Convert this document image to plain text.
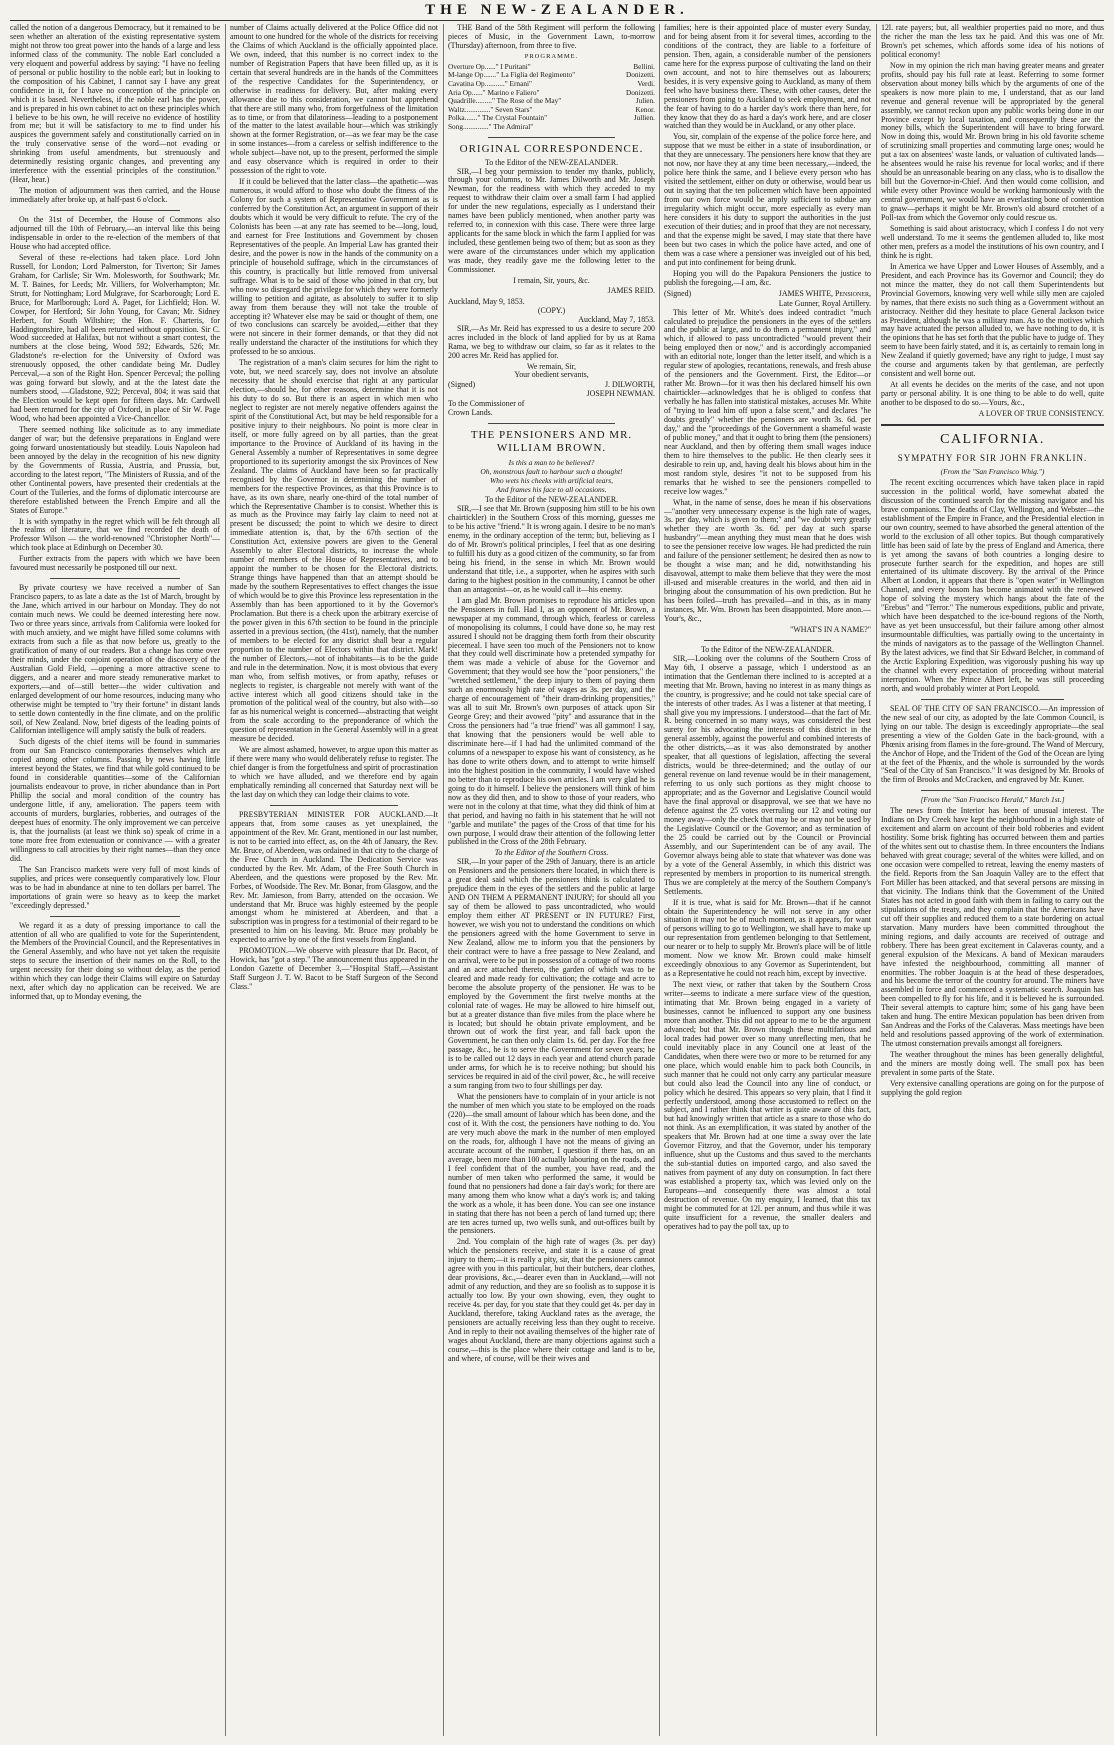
THE NEW-ZEALANDER.

called the notion of a dangerous Democracy, but it remained to be seen whether an alteration of the existing representative system might not throw too great power into the hands of a large and less informed class of the community. The noble Earl concluded a very eloquent and powerful address by saying: "I have no feeling of personal or public hostility to the noble earl; but in looking to the composition of his Cabinet, I cannot say I have any great confidence in it, for I have no conception of the principle on which it is based. Nevertheless, if the noble earl has the power, and is prepared in his own cabinet to act on these principles which I believe to be his own, he will receive no evidence of hostility from me; but it will be satisfactory to me to find under his auspices the government safely and constitutionally carried on in the truly conservative sense of the word—not evading or shrinking from useful amendments, but strenuously and determinedly resisting organic changes, and preventing any interference with the essential principles of the constitution." (Hear, hear.)

The motion of adjournment was then carried, and the House immediately after broke up, at half-past 6 o'clock.

On the 31st of December, the House of Commons also adjourned till the 10th of February,—an interval like this being indispensable in order to the re-election of the members of that House who had accepted office.

Several of these re-elections had taken place. Lord John Russell, for London; Lord Palmerston, for Tiverton; Sir James Graham, for Carlisle; Sir Wm. Molesworth, for Southwark; Mr. M. T. Baines, for Leeds; Mr. Villiers, for Wolverhampton; Mr. Strutt, for Nottingham; Lord Mulgrave, for Scarborough; Lord E. Bruce, for Marlborough; Lord A. Paget, for Lichfield; Hon. W. Cowper, for Hertford; Sir John Young, for Cavan; Mr. Sidney Herbert, for South Wiltshire; the Hon. F. Charteris, for Haddingtonshire, had all been returned without opposition. Sir C. Wood succeeded at Halifax, but not without a smart contest, the numbers at the close being, Wood 592; Edwards, 526; Mr. Gladstone's re-election for the University of Oxford was strenuously opposed, the other candidate being Mr. Dudley Perceval,—a son of the Right Hon. Spencer Perceval; the polling was going forward but slowly, and at the the latest date the numbers stood, —Gladstone, 922; Perceval, 804; it was said that the Election would be kept open for fifteen days. Mr. Cardwell had been returned for the city of Oxford, in place of Sir W. Page Wood, who had been appointed a Vice-Chancellor.

There seemed nothing like solicitude as to any immediate danger of war; but the defensive preparations in England were going forward unostentatiously but steadily. Louis Napoleon had been annoyed by the delay in the recognition of his new dignity by the Governments of Russia, Austria, and Prussia, but, according to the latest report, "The Ministers of Russia, and of the other Continental powers, have presented their credentials at the Court of the Tuileries, and the forms of diplomatic intercourse are therefore established between the French Empire and all the States of Europe."

It is with sympathy in the regret which will be felt through all the realms of literature, that we find recorded the death of Professor Wilson — the world-renowned "Christopher North"—which took place at Edinburgh on December 30.

Further extracts from the papers with which we have been favoured must necessarily be postponed till our next.

By private courtesy we have received a number of San Francisco papers, to as late a date as the 1st of March, brought by the Jane, which arrived in our harbour on Monday. They do not contain much news. We could be deemed interesting here now. Two or three years since, arrivals from California were looked for with much anxiety, and we might have filled some columns with extracts from such a file as that now before us, greatly to the gratification of many of our readers. But a change has come over their minds, under the conjoint operation of the discovery of the Australian Gold Field, —opening a more attractive scene to diggers, and a nearer and more steady remunerative market to exporters,—and of—still better—the wider cultivation and enlarged development of our home resources, inducing many who otherwise might be tempted to "try their fortune" in distant lands to settle down contentedly in the fine climate, and on the prolific soil, of New Zealand. Now, brief digests of the leading points of Californian intelligence will amply satisfy the bulk of readers.

Such digests of the chief items will be found in summaries from our San Francisco contemporaries themselves which are copied among other columns. Passing by news having little interest beyond the States, we find that while gold continued to be found in considerable quantities—some of the Californian journalists endeavour to prove, in richer abundance than in Port Phillip the social and moral condition of the country has undergone little, if any, amelioration. The papers teem with accounts of murders, burglaries, robberies, and outrages of the deepest hues of enormity. The only improvement we can perceive is, that the journalists (at least we think so) speak of crime in a tone more free from extenuation or connivance — with a greater willingness to call atrocities by their right names—than they once did.

The San Francisco markets were very full of most kinds of supplies, and prices were consequently comparatively low. Flour was to be had in abundance at nine to ten dollars per barrel. The importations of grain were so heavy as to keep the market "exceedingly depressed."

We regard it as a duty of pressing importance to call the attention of all who are qualified to vote for the Superintendent, the Members of the Provincial Council, and the Representatives in the General Assembly, and who have not yet taken the requisite steps to secure the insertion of their names on the Roll, to the urgent necessity for their doing so without delay, as the period within which they can lodge their Claims will expire on Saturday next, after which day no application can be received. We are informed that, up to Monday evening, the

number of Claims actually delivered at the Police Office did not amount to one hundred for the whole of the districts for receiving the Claims of which Auckland is the officially appointed place. We own, indeed, that this number is no correct index to the number of Registration Papers that have been filled up, as it is certain that several hundreds are in the hands of the Committees of the respective Candidates for the Superintendency, or otherwise in readiness for delivery. But, after making every allowance due to this consideration, we cannot but apprehend that there are still many who, from forgetfulness of the limitation as to time, or from that dilatoriness—leading to a postponement of the matter to the latest available hour—which was strikingly shown at the former Registration, or—as we fear may be the case in some instances—from a careless or selfish indifference to the whole subject—have not, up to the present, performed the simple and easy observance which is required in order to their possession of the right to vote.

If it could be believed that the latter class—the apathetic—was numerous, it would afford to those who doubt the fitness of the Colony for such a system of Representative Government as is conferred by the Constitution Act, an argument in support of their doubts which it would be very difficult to refute. The cry of the Colonists has been —at any rate has seemed to be—long, loud, and earnest for Free Institutions and Government by chosen Representatives of the people. An Imperial Law has granted their desire, and the power is now in the hands of the community on a principle of household suffrage, which in the circumstances of this country, is practically but little removed from universal suffrage. What is to be said of those who joined in that cry, but who now so disregard the privilege for which they were formerly willing to petition and agitate, as absolutely to suffer it to slip away from them because they will not take the trouble of accepting it? Whatever else may be said or thought of them, one of two conclusions can scarcely be avoided,—either that they were not sincere in their former demands, or that they did not really understand the character of the institutions for which they professed to be so anxious.

The registration of a man's claim secures for him the right to vote, but, we need scarcely say, does not involve an absolute necessity that he should exercise that right at any particular election,—should he, for other reasons, determine that it is not his duty to do so. But there is an aspect in which men who neglect to register are not merely negative offenders against the spirit of the Constitutional Act, but may be held responsible for a positive injury to their neighbours. No point is more clear in itself, or more fully agreed on by all parties, than the great importance to the Province of Auckland of its having in the General Assembly a number of Representatives in some degree proportioned to its superiority amongst the six Provinces of New Zealand. The claims of Auckland have been so far practically recognised by the Governor in determining the number of members for the respective Provinces, as that this Province is to have, as its own share, nearly one-third of the total number of which the Representative Chamber is to consist. Whether this is as much as the Province may fairly lay claim to need not at present be discussed; the point to which we desire to direct immediate attention is, that, by the 67th section of the Constitution Act, extensive powers are given to the General Assembly to alter Electoral districts, to increase the whole number of members of the House of Representatives, and to appoint the number to be chosen for the Electoral districts. Strange things have happened than that an attempt should be made by the southern Representatives to effect changes the issue of which would be to give this Province less representation in the Assembly than has been apportioned to it by the Governor's Proclamation. But there is a check upon the arbitrary exercise of the power given in this 67th section to be found in the principle asserted in a previous section, (the 41st), namely, that the number of members to be elected for any district shall bear a regular proportion to the number of Electors within that district. Mark! the number of Electors,—not of inhabitants—is to be the guide and rule in the determination. Now, it is most obvious that every man who, from selfish motives, or from apathy, refuses or neglects to register, is chargeable not merely with want of the active interest which all good citizens should take in the promotion of the political weal of the country, but also with—so far as his numerical weight is concerned—abstracting that weight from the scale according to the preponderance of which the question of representation in the General Assembly will in a great measure be decided.

We are almost ashamed, however, to argue upon this matter as if there were many who would deliberately refuse to register. The chief danger is from the forgetfulness and spirit of procrastination to which we have alluded, and we therefore end by again emphatically reminding all concerned that Saturday next will be the last day on which they can lodge their claims to vote.

PRESBYTERIAN MINISTER FOR AUCKLAND.—It appears that, from some causes as yet unexplained, the appointment of the Rev. Mr. Grant, mentioned in our last number, is not to be carried into effect, as, on the 4th of January, the Rev. Mr. Bruce, of Aberdeen, was ordained in that city to the charge of the Free Church in Auckland. The Dedication Service was conducted by the Rev. Mr. Adam, of the Free South Church in Aberdeen, and the questions were proposed by the Rev. Mr. Forbes, of Woodside. The Rev. Mr. Bonar, from Glasgow, and the Rev. Mr. Jamieson, from Barry, attended on the occasion. We understand that Mr. Bruce was highly esteemed by the people amongst whom he ministered at Aberdeen, and that a subscription was in progress for a testimonial of their regard to be presented to him on his leaving. Mr. Bruce may probably be expected to arrive by one of the first vessels from England.

PROMOTION.—We observe with pleasure that Dr. Bacot, of Howick, has "got a step." The announcement thus appeared in the London Gazette of December 3,—"Hospital Staff,—Assistant Staff Surgeon J. T. W. Bacot to be Staff Surgeon of the Second Class."

THE Band of the 58th Regiment will perform the following pieces of Music, in the Government Lawn, to-morrow (Thursday) afternoon, from three to five.

PROGRAMME.
Overture Op......" I Puritani"	Bellini.
M-lange Op......." La Figlia del Regimento"	Donizetti.
Cavatina Op..........." Ernani"	Verdi.
Aria Op......" Marino e Faliero"	Donizetti.
Quadrille........." The Rose of the May"	Julien.
Waltz.............." Seven Stars"	Kenor.
Polka......." The Crystal Fountain"	Jullien.
Song.............." The Admiral"
ORIGINAL CORRESPONDENCE.
To the Editor of the NEW-ZEALANDER.

SIR,—I beg your permission to tender my thanks, publicly, through your columns, to Mr. James Dilworth and Mr. Joseph Newman, for the readiness with which they acceded to my request to withdraw their claim over a small farm I had applied for under the new regulations, especially as I understand their names have been publicly mentioned, when another party was referred to, in connexion with this case. There were three large applicants for the same block in which the farm I applied for was included, these gentlemen being two of them; but as soon as they were aware of the circumstances under which my application was made, they readily gave me the following letter to the Commissioner.

I remain, Sir, yours, &c.
JAMES REID.
Auckland, May 9, 1853.
(COPY.)
Auckland, May 7, 1853.

SIR,—As Mr. Reid has expressed to us a desire to secure 200 acres included in the block of land applied for by us at Rama Rama, we beg to withdraw our claim, so far as it relates to the 200 acres Mr. Reid has applied for.

We remain, Sir,
Your obedient servants,
(Signed)	J. DILWORTH,
JOSEPH NEWMAN.
To the Commissioner of
Crown Lands.
THE PENSIONERS AND MR. WILLIAM BROWN.
Is this a man to be believed?
Oh, monstrous fault to harbour such a thought!
Who wets his cheeks with artificial tears,
And frames his face to all occasions.
To the Editor of the NEW-ZEALANDER.

SIR,—I see that Mr. Brown (supposing him still to be his own chairtickler) in the Southern Cross of this morning, guesses me to be his active "friend." It is wrong again. I desire to be no man's enemy, in the ordinary acception of the term; but, believing as I do of Mr. Brown's political principles, I feel that as one desiring to fulfill his duty as a good citizen of the community, so far from being his friend, in the sense in which Mr. Brown would understand that title, i.e., a supporter, when he aspires with such daring to the highest position in the community, I cannot be other than an antagonist—or, as he would call it—his enemy.

I am glad Mr. Brown promises to reproduce his articles upon the Pensioners in full. Had I, as an opponent of Mr. Brown, a newspaper at my command, through which, fearless or careless of monopolising its columns, I could have done so, he may rest assured I should not be dragging them forth from their obscurity piecemeal. I have seen too much of the Pensioners not to know that they could well discriminate how a pretended sympathy for them was made a vehicle of abuse for the Governor and Government; that they would see how the "poor pensioners," the "wretched settlement," the deep injury to them of paying them such an enormously high rate of wages as 3s. per day, and the charge of encouragement of "their dram-drinking propensities," was all to suit Mr. Brown's own purposes of attack upon Sir George Grey; and their avowed "pity" and assurance that in the Cross the pensioners had "a true friend" was all gammon! I say, that knowing that the pensioners would be well able to discriminate here—if I had had the unlimited command of the columns of a newspaper to expose his want of consistency, as he has done to write others down, and to attempt to write himself into the highest position in the community, I would have wished no better than to reproduce his own articles. I am very glad he is going to do it himself. I believe the pensioners will think of him now as they did then, and to show to those of your readers, who were not in the colony at that time, what they did think of him at that period, and having no faith in his statement that he will not "garble and mutilate" the pages of the Cross of that time for his own purpose, I would draw their attention of the following letter published in the Cross of the 28th February.

To the Editor of the Southern Cross.

SIR,—In your paper of the 29th of January, there is an article on Pensioners and the pensioners there located, in which there is a great deal said which the pensioners think is calculated to prejudice them in the eyes of the settlers and the public at large AND ON THEM A PERMANENT INJURY; for should all you say of them be allowed to pass uncontradicted, who would employ them either AT PRESENT or IN FUTURE? First, however, we wish you not to understand the conditions on which the pensioners agreed with the home Government to serve in New Zealand, allow me to inform you that the pensioners by their contract were to have a free passage to New Zealand, and on arrival, were to be put in possession of a cottage of two rooms and an acre attached thereto, the garden of which was to be cleared and made ready for cultivation; the cottage and acre to become the absolute property of the pensioner. He was to be employed by the Government the first twelve months at the colonial rate of wages. He may be allowed to hire himself out, but at a greater distance than five miles from the place where he is located; but should he obtain private employment, and be thrown out of work the first year, and fall back upon the Government, he can then only claim 1s. 6d. per day. For the free passage, &c., he is to serve the Government for seven years; he is to be called out 12 days in each year and attend church parade under arms, for which he is to receive nothing; but should his services be required in aid of the civil power, &c., he will receive a sum ranging from two to four shillings per day.

What the pensioners have to complain of in your article is not the number of men which you state to be employed on the roads (220)—the small amount of labour which has been done, and the cost of it. With the cost, the pensioners have nothing to do. You are very much above the mark in the number of men employed on the roads, for, although I have not the means of giving an accurate account of the number, I question if there has, on an average, been more than 100 actually labouring on the roads, and I feel confident that of the number, you have read, and the number of men taken who performed the same, it would be found that no pensioners had done a fair day's work; for there are many among them who know what a day's work is; and taking the work as a whole, it has been done. You can see one instance in stating that there has not been a perch of land turned up; there are ten acres turned up, two wells sunk, and out-offices built by the pensioners.

2nd. You complain of the high rate of wages (3s. per day) which the pensioners receive, and state it is a cause of great injury to them;—it is really a pity, sir, that the pensioners cannot agree with you in this particular, but their butchers, dear clothes, dear provisions, &c.,—dearer even than in Auckland,—will not admit of any reduction, and they are so foolish as to suppose it is actually too low. By your own showing, even, they ought to receive 4s. per day, for you state that they could get 4s. per day in Auckland, therefore, taking Auckland rates as the average, the pensioners are actually receiving less than they ought to receive. And in reply to their not availing themselves of the higher rate of wages about Auckland, there are many objections against such a course,—this is the place where their cottage and land is to be, and where, of course, will be their wives and

families; here is their appointed place of muster every Sunday, and for being absent from it for several times, according to the conditions of the contract, they are liable to a forfeiture of pension. Then, again, a considerable number of the pensioners came here for the express purpose of cultivating the land on their own account, and not to hire themselves out as labourers; besides, it is very expensive going to Auckland, as many of them feel who have business there. These, with other causes, deter the pensioners from going to Auckland to seek employment, and not the fear of having to do a harder day's work there than here, for they know that they do as hard a day's work here, and are closer watched than they would be in Auckland, or any other place.

You, sir, complain of the expense of the police force here, and suppose that we must be either in a state of insubordination, or that they are unnecessary. The pensioners here know that they are not now, nor have they at any time been necessary,—indeed, the police here think the same, and I believe every person who has visited the settlement, either on duty or otherwise, would bear us out in saying that the ten policemen which have been appointed from our own force would be amply sufficient to subdue any irregularity which might occur, more especially as every man here considers it his duty to support the authorities in the just execution of their duties; and in proof that they are not necessary, and that the expense might be saved, I may state that there have been but two cases in which the police have acted, and one of them was a case where a pensioner was inveigled out of his bed, and put into confinement for being drunk.

Hoping you will do the Papakura Pensioners the justice to publish the foregoing,—I am, &c.

(Signed)	JAMES WHITE, Pensioner,
Late Gunner, Royal Artillery.

This letter of Mr. White's does indeed contradict "much calculated to prejudice the pensioners in the eyes of the settlers and the public at large, and to do them a permanent injury," and which, if allowed to pass uncontradicted "would prevent their being employed then or now," and is accordingly accompanied with an editorial note, longer than the letter itself, and which is a regular stew of apologies, recantations, renewals, and fresh abuse of the pensioners and the Government. First, the Editor—or rather Mr. Brown—for it was then his declared himself his own chairtickler—acknowledges that he is obliged to confess that verbally he has fallen into statistical mistakes, accuses Mr. White of "trying to lead him off upon a false scent," and declares "he doubts greatly" whether the pensioners are worth 3s. 6d. per day," and the "proceedings of the Government a shameful waste of public money," and that it ought to bring them (the pensioners) near Auckland, and then by offering them small wages induce them to hire themselves to the public. He then clearly sees it desirable to rein up, and, having dealt his blows about him in the most random style, desires "it not to be supposed from his remarks that he wished to see the pensioners compelled to receive low wages."

What, in the name of sense, does he mean if his observations—"another very unnecessary expense is the high rate of wages, 3s. per day, which is given to them;" and "we doubt very greatly whether they are worth 3s. 6d. per day at such sparse husbandry"—mean anything they must mean that he does wish to see the pensioner receive low wages. He had predicted the ruin and failure of the pensioner settlement; he desired then as now to be thought a wise man; and he did, notwithstanding his disavowal, attempt to make them believe that they were the most ill-used and miserable creatures in the world, and then aid in bringing about the consummation of his own prediction. But he has been foiled—truth has prevailed—and in this, as in many instances, Mr. Wm. Brown has been disappointed. More anon.—Your's, &c.,

"WHAT'S IN A NAME?"
To the Editor of the NEW-ZEALANDER.

SIR,—Looking over the columns of the Southern Cross of May 6th, I observe a passage, which I understood as an intimation that the Gentleman there inclined to is accepted at a meeting that Mr. Brown, having no interest in as many things as the country, is progressive; and he could not take special care of the interests of other trades. As I was a listener at that meeting, I shall give you my impressions. I understood—that the fact of Mr. R. being concerned in so many ways, was considered the best surety for his advocating the interests of this district in the general assembly, against the powerful and combined interests of the other districts,—as it was also demonstrated by another speaker, that all questions of legislation, affecting the several districts, would be three-determined; and the outlay of our general revenue on land revenue would be in their management, referring to us only such portions as they might choose to appropriate; and as the Governor and Legislative Council would have the final approval or disapproval, we see that we have no defence against the 25 votes overruling our 12 and voting our money away—only the check that may be or may not be used by the Legislative Council or the Governor; and as termination of the 25 could be carried out by the Council or Provincial Assembly, and our Superintendent can be of any avail. The Governor always being able to state that whatever was done was by a vote of the General Assembly, in which this district was represented by members in proportion to its numerical strength. Thus we are completely at the mercy of the Southern Company's Settlements.

If it is true, what is said for Mr. Brown—that if he cannot obtain the Superintendency he will not serve in any other situation it may not be of much moment, as it appears, for want of persons willing to go to Wellington, we shall have to make up our representation from gentlemen belonging to that Settlement, our nearer or to help to supply Mr. Brown's place will be of little moment. Now we know Mr. Brown could make himself exceedingly obnoxious to any Governor as Superintendent, but as a Representative he could not reach him, except by invective.

The next view, or rather that taken by the Southern Cross writer—seems to indicate a mere surface view of the question, intimating that Mr. Brown being engaged in a variety of businesses, cannot be influenced to support any one business more than another. This did not appear to me to be the argument advanced; but that Mr. Brown through these multifarious and local trades had power over so many unreflecting men, that he could inevitably place in any Council one at least of the Candidates, when there were two or more to be returned for any one place, which would enable him to pack both Councils, in such manner that he could not only carry any particular measure but could also lead the Council into any line of conduct, or policy which he desired. This appears so very plain, that I find it perfectly understood, among those accustomed to reflect on the subject, and I rather think that writer is quite aware of this fact, but had knowingly written that article as a snare to those who do not think. As an exemplification, it was stated by another of the speakers that Mr. Brown had at one time a sway over the late Governor Fitzroy, and that the Governor, under his temporary influence, shut up the Customs and thus saved to the merchants the sub-stantial duties on imported cargo, and also saved the natives from payment of any duty on consumption. In fact there was established a property tax, which was levied only on the Europeans—and consequently there was almost a total destruction of revenue. On my enquiry, I learned, that this tax might be commuted for at 12l. per annum, and thus while it was quite insufficient for a revenue, the smaller dealers and operatives had to pay the poll tax, up to

12l. rate payers; but, all wealthier properties paid no more, and thus the richer the man the less tax he paid. And this was one of Mr. Brown's pet schemes, which affords some idea of his notions of political economy!

Now in my opinion the rich man having greater means and greater profits, should pay his full rate at least. Referring to some former observation about money bills which by the arguments of one of the speakers is now more plain to me, I understand, that as our land revenue and general revenue will be appropriated by the general assembly, we cannot reckon upon any public works being done in our Province except by local taxation, and consequently these are the money bills, which the Superintendent will have to bring forward. Now in doing this, would Mr. Brown bring in his old favorite scheme of scrutinizing small properties and commuting large ones; would he put a tax on absentees' waste lands, or valuation of cultivated lands—he absentees would he raise his revenue for local works; and if there should be an unreasonable bearing on any class, who is to disallow the bill but the Governor-in-Chief. And then would come collision, and while every other Province would be working harmoniously with the central government, we would have an everlasting bone of contention to gnaw—perhaps it might be Mr. Brown's old absurd crotchet of a Poll-tax from which the Governor only could rescue us.

Something is said about aristocracy, which I confess I do not very well understand. To me it seems the gentlemen alluded to, like most other men, prefers as a model the institutions of his own country, and I think he is right.

In America we have Upper and Lower Houses of Assembly, and a President, and each Province has its Governor and Council; they do not mince the matter, they do not call them Superintendents but Provincial Governors, knowing very well while silly men are cajoled by names, that there exists no such thing as a Government without an aristocracy. Neither did they hesitate to place General Jackson twice as President, although he was a military man. As to the motives which may have actuated the person alluded to, we have nothing to do, it is the opinions that he has set forth that the public have to judge of. They seem to have been fairly stated, and it is, as certainly to remain long in New Zealand if quietly governed; have any right to judge, I must say the course and arguments taken by that gentleman, are perfectly consistent and well borne out.

At all events he decides on the merits of the case, and not upon party or personal ability. It is one thing to be able to do well, quite another to be disposed to do so.—Yours, &c.,

A LOVER OF TRUE CONSISTENCY.
CALIFORNIA.
SYMPATHY FOR SIR JOHN FRANKLIN.
(From the "San Francisco Whig.")

The recent exciting occurrences which have taken place in rapid succession in the political world, have somewhat abated the discussion of the continued search for the missing navigator and his brave companions. The deaths of Clay, Wellington, and Webster—the establishment of the Empire in France, and the Presidential election in our own country, seemed to have absorbed the general attention of the world to the exclusion of all other topics. But though comparatively little has been said of late by the press of England and America, there is yet among the savans of both countries a longing desire to prosecute further search for the expedition, and hopes are still entertained of its ultimate discovery. By the arrival of the Prince Albert at London, it appears that there is "open water" in Wellington Channel, and every bosom has become animated with the renewed hope of solving the mystery which hangs about the fate of the "Erebus" and "Terror." The numerous expeditions, public and private, which have been despatched to the ice-bound regions of the North, have as yet been unsuccessful, but their failure among other almost insurmountable difficulties, was partially owing to the uncertainty in the minds of navigators as to the passage of the Wellington Channel. By the latest advices, we find that Sir Edward Belcher, in command of the Arctic Exploring Expedition, was vigorously pushing his way up the channel with every expectation of proceeding without material interruption. When the Prince Albert left, he was still proceeding north, and would probably winter at Port Leopold.

SEAL OF THE CITY OF SAN FRANCISCO.—An impression of the new seal of our city, as adopted by the late Common Council, is lying on our table. The design is exceedingly appropriate—the seal presenting a view of the Golden Gate in the back-ground, with a Phœnix arising from flames in the fore-ground. The Wand of Mercury, the Anchor of Hope, and the Trident of the God of the Ocean are lying at the feet of the Phœnix, and the whole is surrounded by the words "Seal of the City of San Francisco." It was designed by Mr. Brooks of the firm of Brooks and McCracken, and engraved by Mr. Kuner.

[From the "San Francisco Herald," March 1st.]

The news from the Interior has been of unusual interest. The Indians on Dry Creek have kept the neighbourhood in a high state of excitement and alarm on account of their bold robberies and evident hostility. Some brisk fighting has occurred between them and parties of the whites sent out to chastise them. In three encounters the Indians behaved with great courage; several of the whites were killed, and on one occasion were compelled to retreat, leaving the enemy masters of the field. Reports from the San Joaquin Valley are to the effect that Fort Miller has been attacked, and that several persons are missing in that vicinity. The Indians think that the Government of the United States has not acted in good faith with them in failing to carry out the stipulations of the treaty, and they complain that the Americans have cut off their supplies and reduced them to a state bordering on actual starvation. Many murders have been committed throughout the mining regions, and daily accounts are received of outrage and robbery. There has been great excitement in Calaveras county, and a general expulsion of the Mexicans. A band of Mexican marauders have infested the neighbourhood, committing all manner of enormities. The robber Joaquin is at the head of these desperadoes, and his become the terror of the country for around. The miners have assembled in force and commenced a systematic search. Joaquin has been compelled to fly for his life, and it is believed he is surrounded. Their several attempts to capture him; some of his gang have been taken and hung. The entire Mexican population has been driven from San Andreas and the Forks of the Calaveras. Mass meetings have been held and resolutions passed approving of the work of extermination. The utmost consternation prevails amongst all foreigners.

The weather throughout the mines has been generally delightful, and the miners are mostly doing well. The small pox has been prevalent in some parts of the State.

Very extensive canalling operations are going on for the purpose of supplying the gold region
